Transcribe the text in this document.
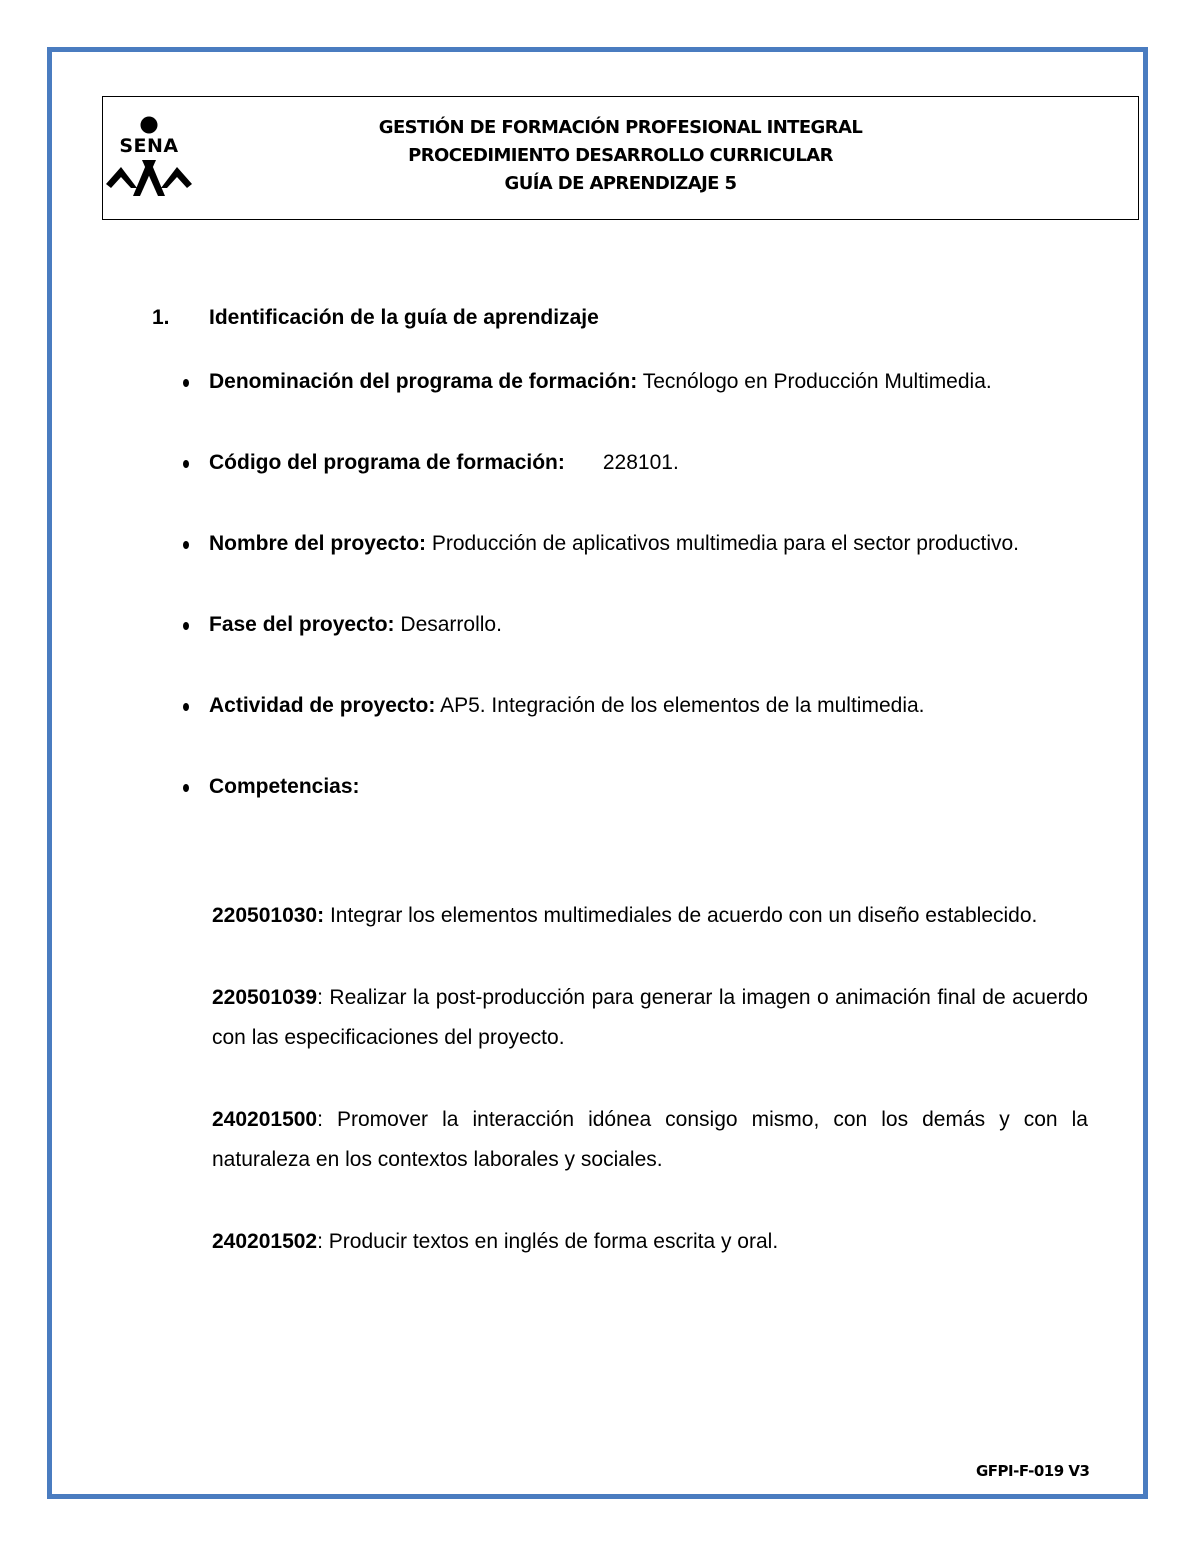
SENA
GESTIÓN DE FORMACIÓN PROFESIONAL INTEGRAL
PROCEDIMIENTO DESARROLLO CURRICULAR
GUÍA DE APRENDIZAJE 5
1. Identificación de la guía de aprendizaje
Denominación del programa de formación: Tecnólogo en Producción Multimedia.
Código del programa de formación: 228101.
Nombre del proyecto: Producción de aplicativos multimedia para el sector productivo.
Fase del proyecto: Desarrollo.
Actividad de proyecto: AP5. Integración de los elementos de la multimedia.
Competencias:

220501030: Integrar los elementos multimediales de acuerdo con un diseño establecido.

220501039: Realizar la post-producción para generar la imagen o animación final de acuerdo con las especificaciones del proyecto.

240201500: Promover la interacción idónea consigo mismo, con los demás y con la naturaleza en los contextos laborales y sociales.

240201502: Producir textos en inglés de forma escrita y oral.

GFPI-F-019 V3
